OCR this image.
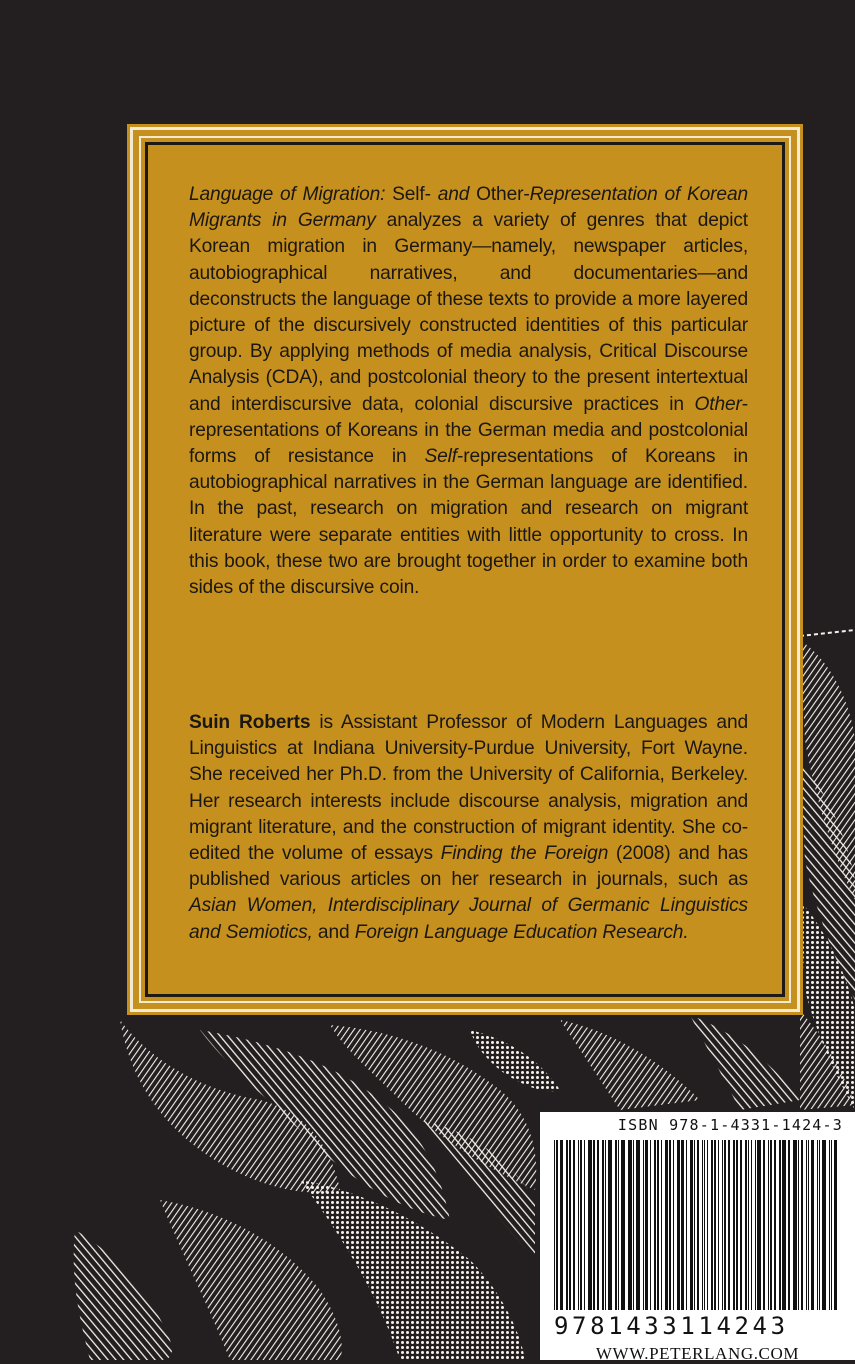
Language of Migration: Self- and Other-Representation of Korean Migrants in Germany analyzes a variety of genres that depict Korean migration in Germany—namely, newspaper articles, autobiographical narratives, and documentaries—and deconstructs the language of these texts to provide a more layered picture of the discursively constructed identities of this particular group. By applying methods of media analysis, Critical Discourse Analysis (CDA), and postcolonial theory to the present intertextual and interdiscursive data, colonial discursive practices in Other-representations of Koreans in the German media and postcolonial forms of resistance in Self-representations of Koreans in autobiographical narratives in the German language are identified. In the past, research on migration and research on migrant literature were separate entities with little opportunity to cross. In this book, these two are brought together in order to examine both sides of the discursive coin.
Suin Roberts is Assistant Professor of Modern Languages and Linguistics at Indiana University-Purdue University, Fort Wayne. She received her Ph.D. from the University of California, Berkeley. Her research interests include discourse analysis, migration and migrant literature, and the construction of migrant identity. She co-edited the volume of essays Finding the Foreign (2008) and has published various articles on her research in journals, such as Asian Women, Interdisciplinary Journal of Germanic Linguistics and Semiotics, and Foreign Language Education Research.
ISBN 978-1-4331-1424-3
9781433114243
WWW.PETERLANG.COM
